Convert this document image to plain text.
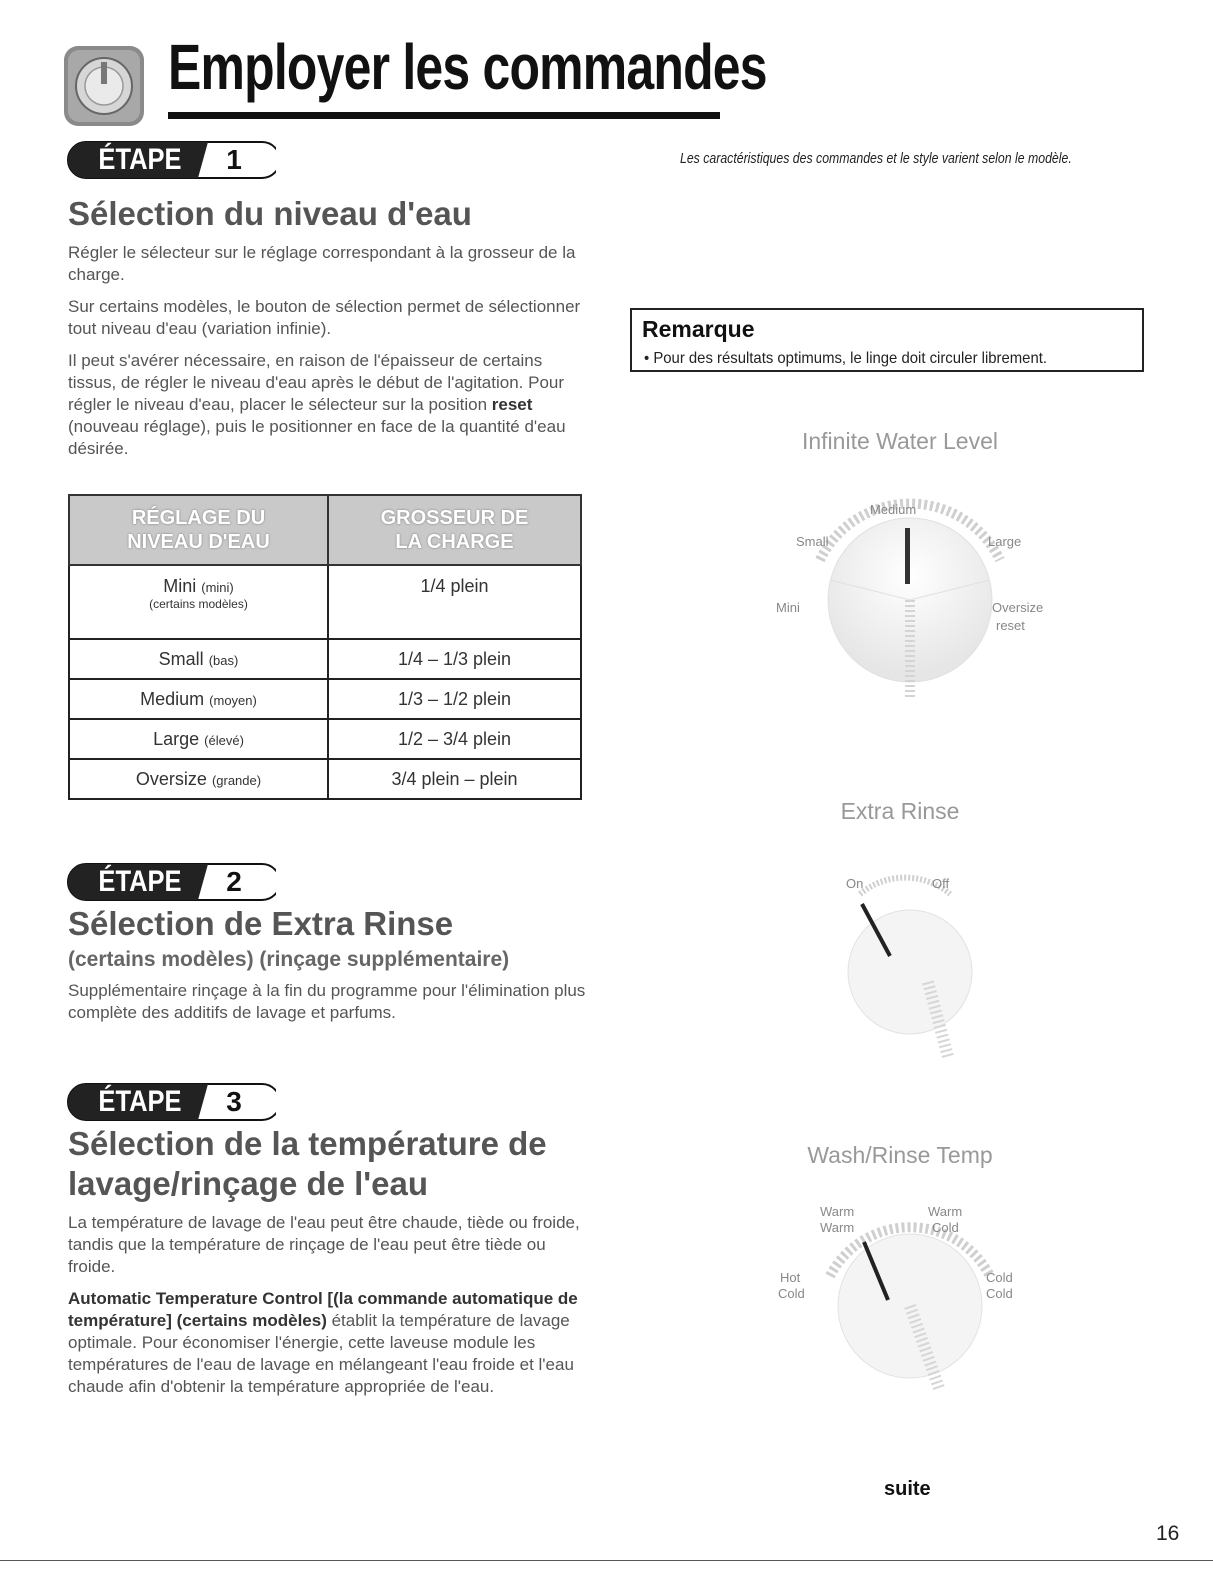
Employer les commandes
Les caractéristiques des commandes et le style varient selon le modèle.
ÉTAPE	1
Sélection du niveau d'eau

Régler le sélecteur sur le réglage correspondant à la grosseur de la charge.

Sur certains modèles, le bouton de sélection permet de sélectionner tout niveau d'eau (variation infinie).

Il peut s'avérer nécessaire, en raison de l'épaisseur de certains tissus, de régler le niveau d'eau après le début de l'agitation. Pour régler le niveau d'eau, placer le sélecteur sur la position reset (nouveau réglage), puis le positionner en face de la quantité d'eau désirée.

RÉGLAGE DU
NIVEAU D'EAU	GROSSEUR DE
LA CHARGE
Mini (mini)
(certains modèles)	1/4 plein
Small (bas)	1/4 – 1/3 plein
Medium (moyen)	1/3 – 1/2 plein
Large (élevé)	1/2 – 3/4 plein
Oversize (grande)	3/4 plein – plein
ÉTAPE	2
Sélection de Extra Rinse
(certains modèles) (rinçage supplémentaire)

Supplémentaire rinçage à la fin du programme pour l'élimination plus complète des additifs de lavage et parfums.

ÉTAPE	3
Sélection de la température de
lavage/rinçage de l'eau

La température de lavage de l'eau peut être chaude, tiède ou froide, tandis que la température de rinçage de l'eau peut être tiède ou froide.

Automatic Temperature Control [(la commande automatique de température] (certains modèles) établit la température de lavage optimale. Pour économiser l'énergie, cette laveuse module les températures de l'eau de lavage en mélangeant l'eau froide et l'eau chaude afin d'obtenir la température appropriée de l'eau.

Remarque
• Pour des résultats optimums, le linge doit circuler librement.
Infinite Water Level
Medium
Small	Large
Mini	Oversize
reset
Extra Rinse
On	Off
Wash/Rinse Temp
Warm
Warm
Warm
Cold
Hot
Cold
Cold
Cold
suite
16
